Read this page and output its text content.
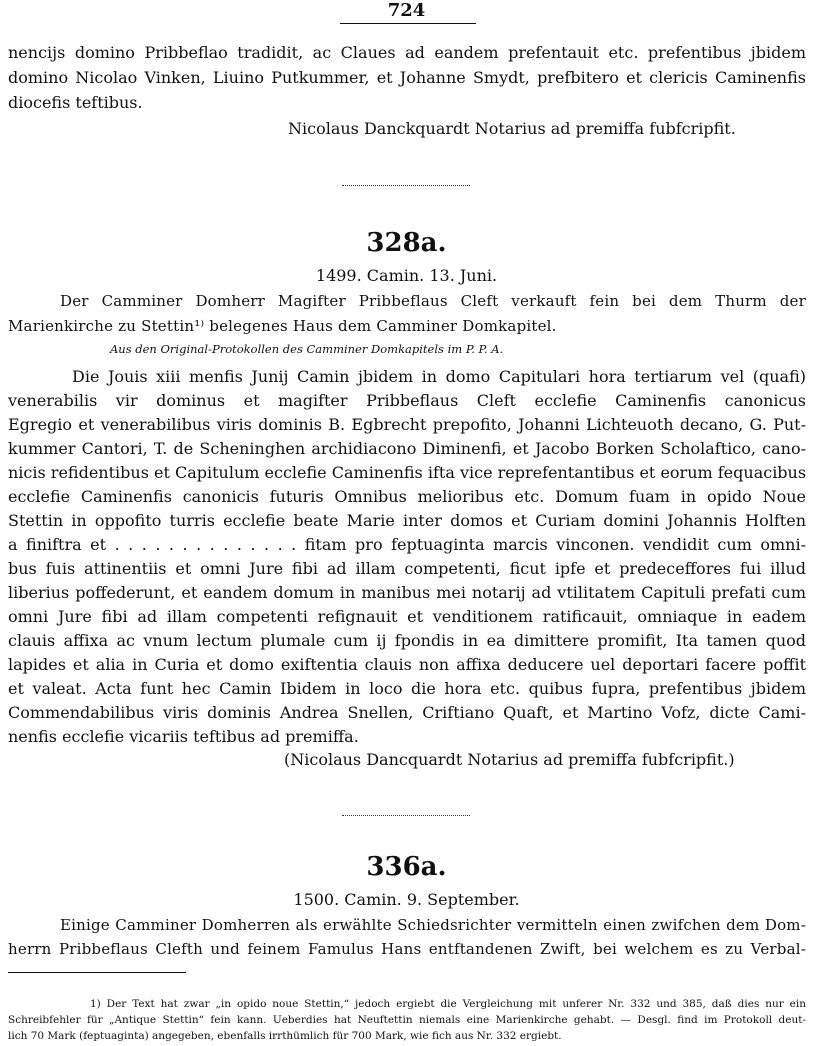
724
nencijs domino Pribbeflao tradidit, ac Claues ad eandem prefentauit etc. prefentibus jbidem
domino Nicolao Vinken, Liuino Putkummer, et Johanne Smydt, prefbitero et clericis Caminenfis
diocefis teftibus.
Nicolaus Danckquardt Notarius ad premiffa fubfcripfit.
328a.
1499. Camin. 13. Juni.
Der Camminer Domherr Magifter Pribbeflaus Cleft verkauft fein bei dem Thurm der
Marienkirche zu Stettin¹⁾ belegenes Haus dem Camminer Domkapitel.
Aus den Original-Protokollen des Camminer Domkapitels im P. P. A.
Die Jouis xiii menfis Junij Camin jbidem in domo Capitulari hora tertiarum vel (quafi)
venerabilis vir dominus et magifter Pribbeflaus Cleft ecclefie Caminenfis canonicus
Egregio et venerabilibus viris dominis B. Egbrecht prepofito, Johanni Lichteuoth decano, G. Put-
kummer Cantori, T. de Scheninghen archidiacono Diminenfi, et Jacobo Borken Scholaftico, cano-
nicis refidentibus et Capitulum ecclefie Caminenfis ifta vice reprefentantibus et eorum fequacibus
ecclefie Caminenfis canonicis futuris Omnibus melioribus etc. Domum fuam in opido Noue
Stettin in oppofito turris ecclefie beate Marie inter domos et Curiam domini Johannis Holften
a finiftra et . . . . . . . . . . . . . . fitam pro feptuaginta marcis vinconen. vendidit cum omni-
bus fuis attinentiis et omni Jure fibi ad illam competenti, ficut ipfe et predeceffores fui illud
liberius poffederunt, et eandem domum in manibus mei notarij ad vtilitatem Capituli prefati cum
omni Jure fibi ad illam competenti refignauit et venditionem ratificauit, omniaque in eadem
clauis affixa ac vnum lectum plumale cum ij fpondis in ea dimittere promifit, Ita tamen quod
lapides et alia in Curia et domo exiftentia clauis non affixa deducere uel deportari facere poffit
et valeat. Acta funt hec Camin Ibidem in loco die hora etc. quibus fupra, prefentibus jbidem
Commendabilibus viris dominis Andrea Snellen, Criftiano Quaft, et Martino Vofz, dicte Cami-
nenfis ecclefie vicariis teftibus ad premiffa.
(Nicolaus Dancquardt Notarius ad premiffa fubfcripfit.)
336a.
1500. Camin. 9. September.
Einige Camminer Domherren als erwählte Schiedsrichter vermitteln einen zwifchen dem Dom-
herrn Pribbeflaus Clefth und feinem Famulus Hans entftandenen Zwift, bei welchem es zu Verbal-
1) Der Text hat zwar „in opido noue Stettin,“ jedoch ergiebt die Vergleichung mit unferer Nr. 332 und 385, daß dies nur ein
Schreibfehler für „Antique Stettin“ fein kann. Ueberdies hat Neuftettin niemals eine Marienkirche gehabt. — Desgl. find im Protokoll deut-
lich 70 Mark (feptuaginta) angegeben, ebenfalls irrthümlich für 700 Mark, wie fich aus Nr. 332 ergiebt.
